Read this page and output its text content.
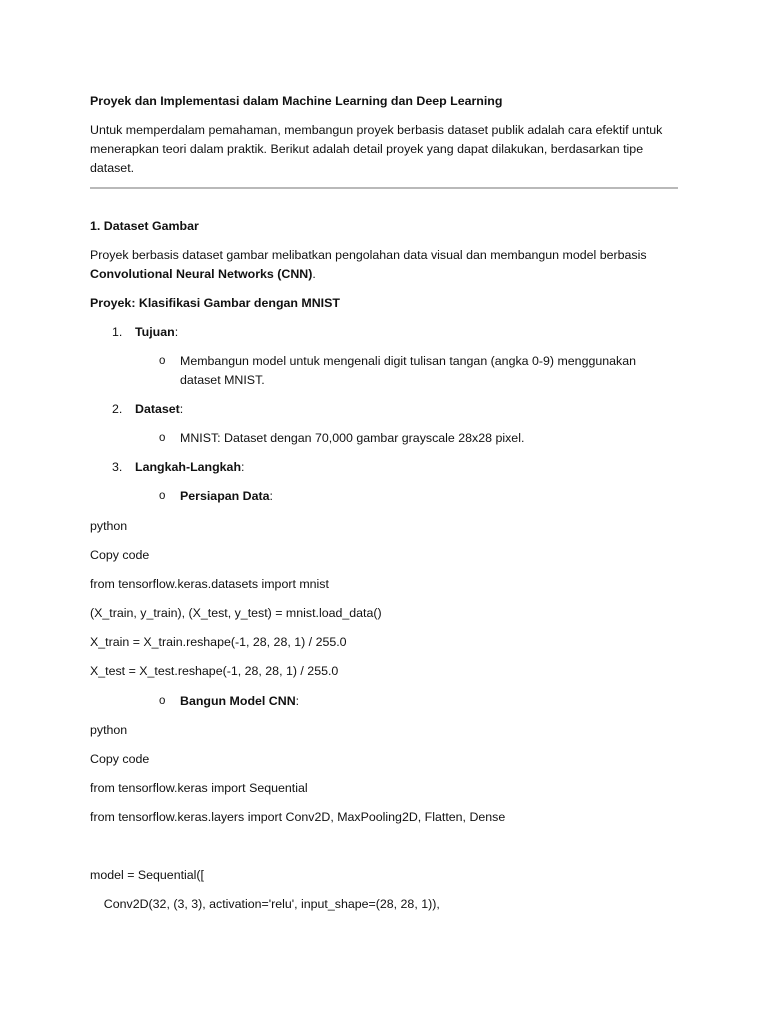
Proyek dan Implementasi dalam Machine Learning dan Deep Learning
Untuk memperdalam pemahaman, membangun proyek berbasis dataset publik adalah cara efektif untuk
menerapkan teori dalam praktik. Berikut adalah detail proyek yang dapat dilakukan, berdasarkan tipe
dataset.
1. Dataset Gambar
Proyek berbasis dataset gambar melibatkan pengolahan data visual dan membangun model berbasis
Convolutional Neural Networks (CNN).
Proyek: Klasifikasi Gambar dengan MNIST
1.	Tujuan:
o Membangun model untuk mengenali digit tulisan tangan (angka 0-9) menggunakan
dataset MNIST.
2.	Dataset:
o MNIST: Dataset dengan 70,000 gambar grayscale 28x28 pixel.
3.	Langkah-Langkah:
o Persiapan Data:
python
Copy code
from tensorflow.keras.datasets import mnist
(X_train, y_train), (X_test, y_test) = mnist.load_data()
X_train = X_train.reshape(-1, 28, 28, 1) / 255.0
X_test = X_test.reshape(-1, 28, 28, 1) / 255.0
o Bangun Model CNN:
python
Copy code
from tensorflow.keras import Sequential
from tensorflow.keras.layers import Conv2D, MaxPooling2D, Flatten, Dense
model = Sequential([
Conv2D(32, (3, 3), activation='relu', input_shape=(28, 28, 1)),
